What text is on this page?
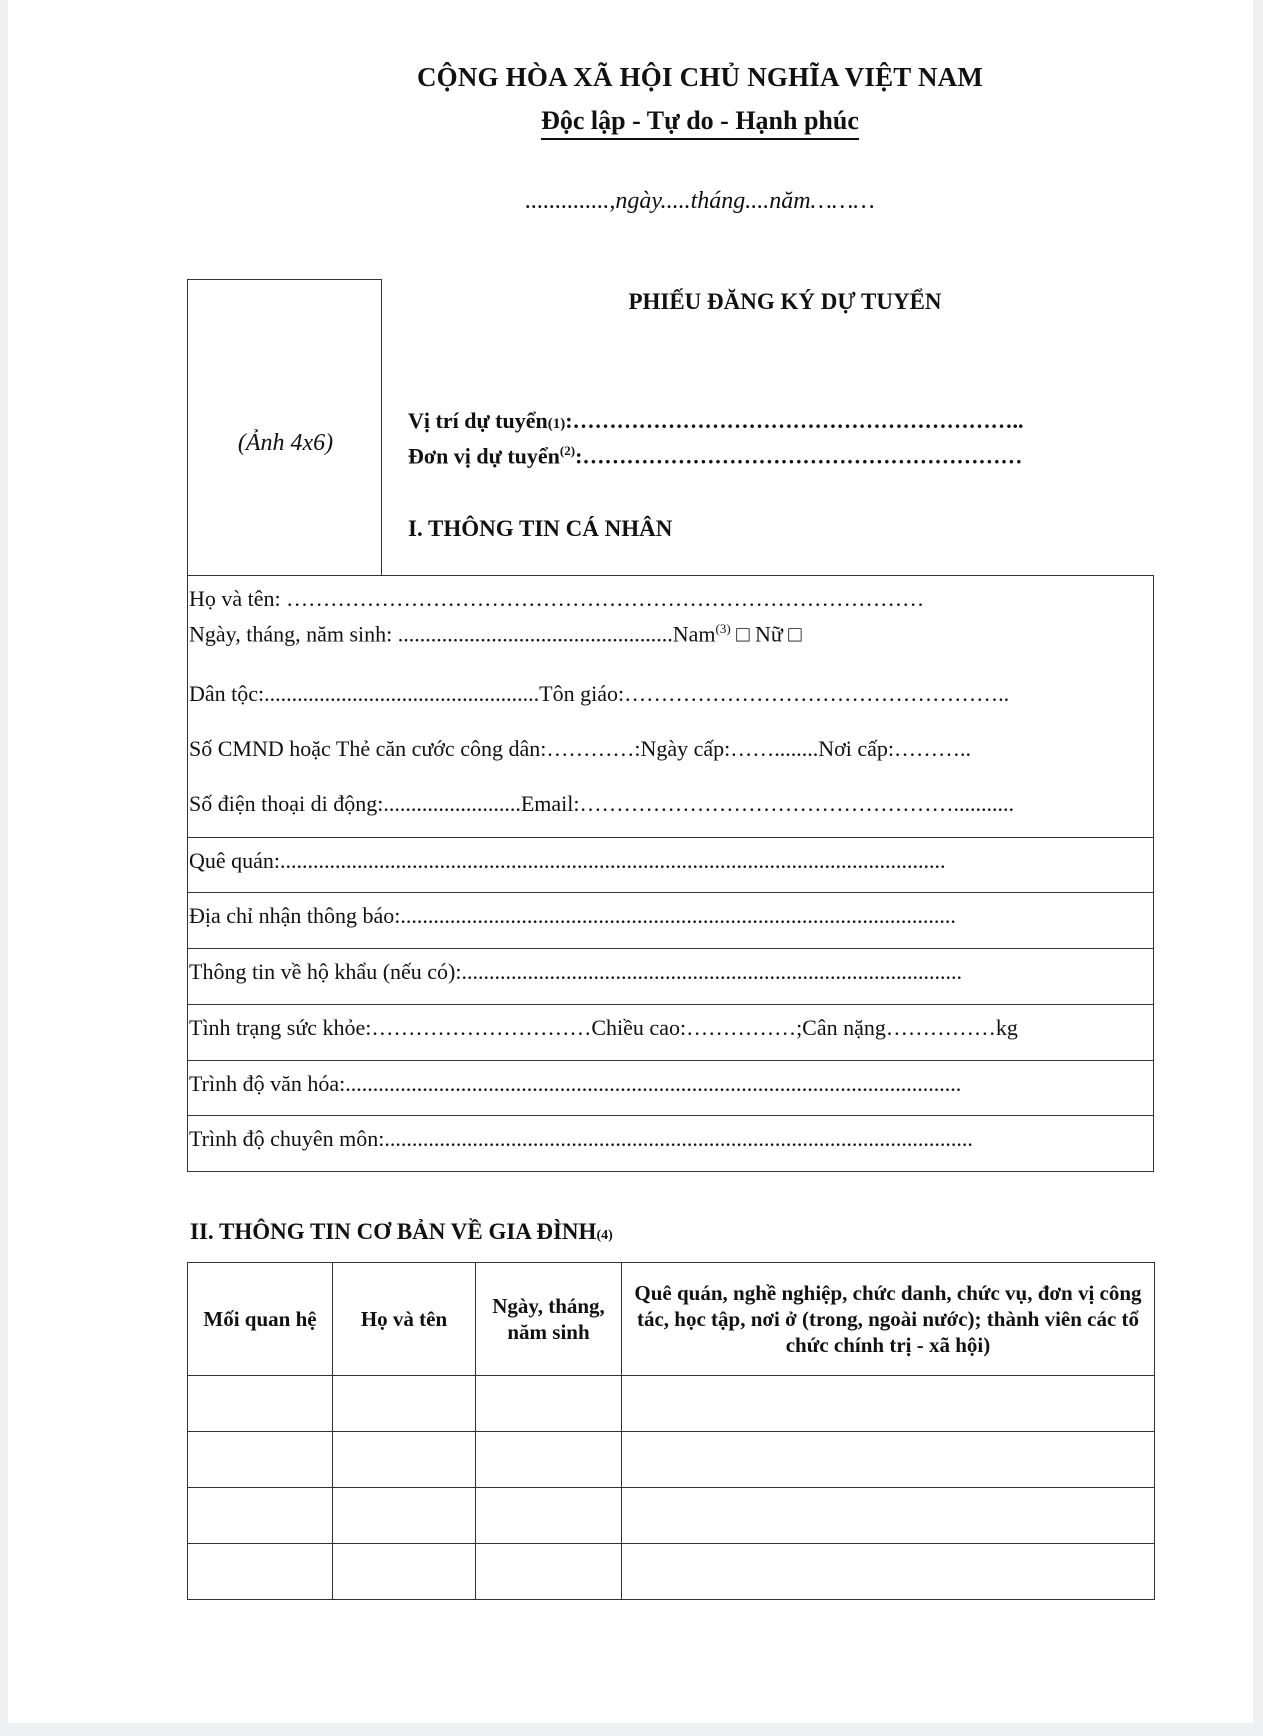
CỘNG HÒA XÃ HỘI CHỦ NGHĨA VIỆT NAM
Độc lập - Tự do - Hạnh phúc
..............,ngày.....tháng....năm………
(Ảnh 4x6)
PHIẾU ĐĂNG KÝ DỰ TUYỂN
Vị trí dự tuyển(1):……………………………………………………..
Đơn vị dự tuyển$^{(2)}$:……………………………………………………
I. THÔNG TIN CÁ NHÂN
Họ và tên: ……………………………………………………………………………
Ngày, tháng, năm sinh: ..................................................Nam$^{(3)}$ □ Nữ □
Dân tộc:..................................................Tôn giáo:……………………………………………..
Số CMND hoặc Thẻ căn cước công dân:…………:Ngày cấp:……........Nơi cấp:………..
Số điện thoại di động:.........................Email:……………………………………………...........
Quê quán:.........................................................................................................................
Địa chỉ nhận thông báo:.....................................................................................................
Thông tin về hộ khẩu (nếu có):...........................................................................................
Tình trạng sức khỏe:…………………………Chiều cao:……………;Cân nặng……………kg
Trình độ văn hóa:................................................................................................................
Trình độ chuyên môn:...........................................................................................................
II. THÔNG TIN CƠ BẢN VỀ GIA ĐÌNH(4)
Mối quan hệ	Họ và tên	Ngày, tháng, năm sinh	Quê quán, nghề nghiệp, chức danh, chức vụ, đơn vị công tác, học tập, nơi ở (trong, ngoài nước); thành viên các tổ chức chính trị - xã hội)
